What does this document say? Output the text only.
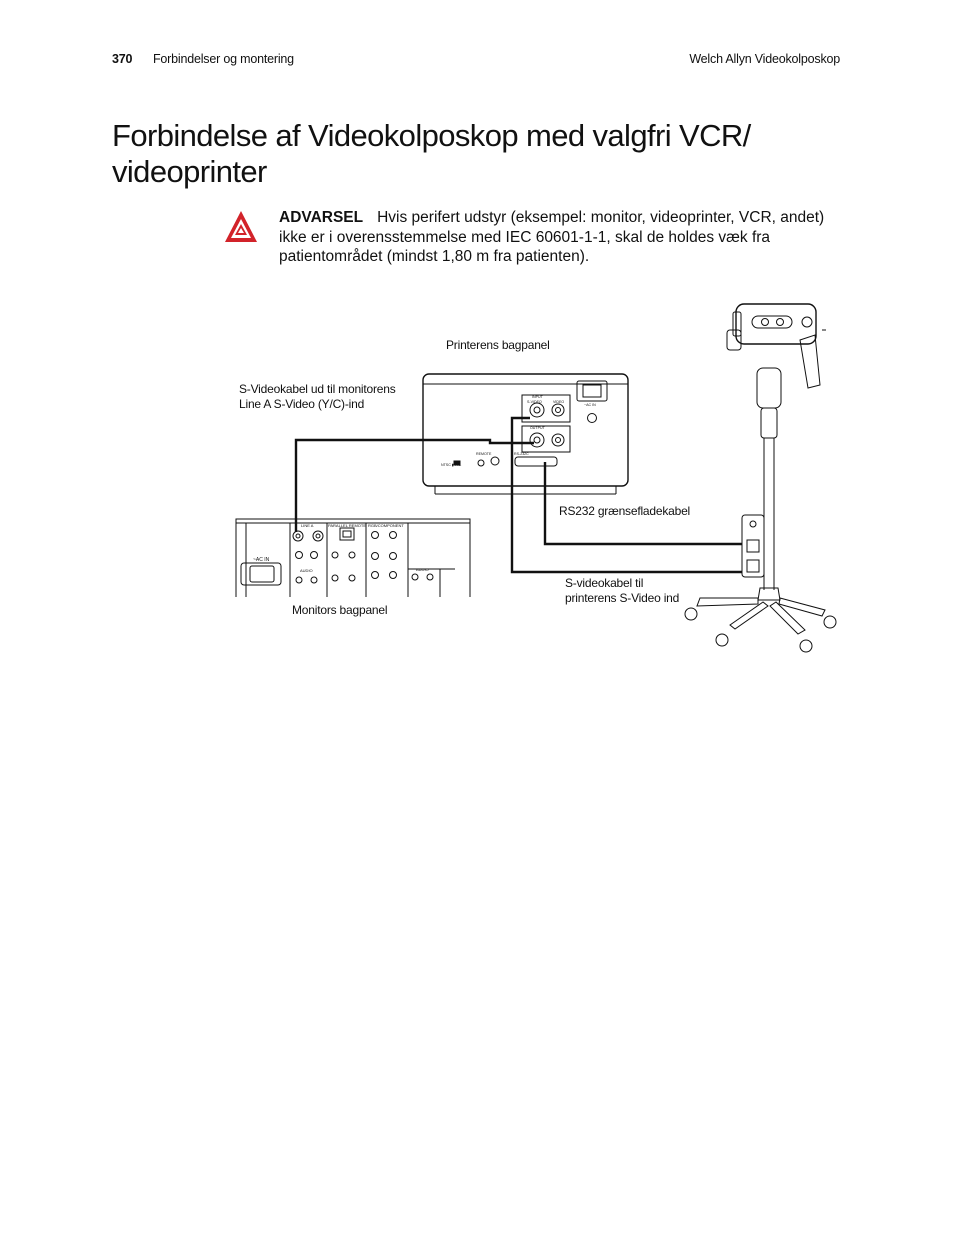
370 Forbindelser og montering	Welch Allyn Videokolposkop
Forbindelse af Videokolposkop med valgfri VCR/ videoprinter
ADVARSEL Hvis perifert udstyr (eksempel: monitor, videoprinter, VCR, andet) ikke er i overensstemmelse med IEC 60601-1-1, skal de holdes væk fra patientområdet (mindst 1,80 m fra patienten).
INPUT
S-VIDEO	VIDEO
OUTPUT
RS-232C
REMOTE
NTSC ▮ PAL
~AC IN
LINE A	PARALLEL REMOTE RGB/COMPONENT
~AC IN
AUDIO	AUDIO
Printerens bagpanel
S-Videokabel ud til monitorens
Line A S-Video (Y/C)-ind
RS232 grænsefladekabel
S-videokabel til
printerens S-Video ind
Monitors bagpanel
